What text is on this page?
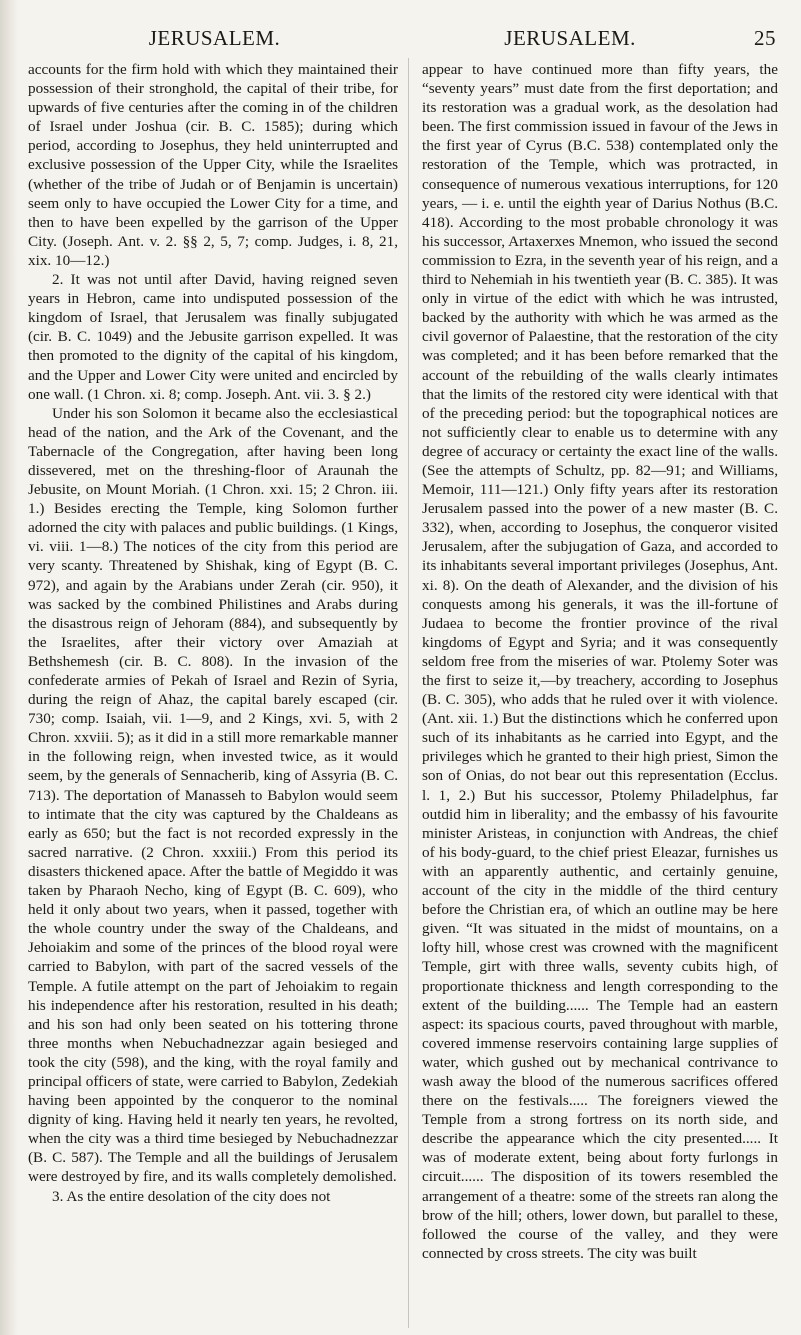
JERUSALEM.	JERUSALEM.	25

accounts for the firm hold with which they maintained their possession of their stronghold, the capital of their tribe, for upwards of five centuries after the coming in of the children of Israel under Joshua (cir. B. C. 1585); during which period, according to Josephus, they held uninterrupted and exclusive possession of the Upper City, while the Israelites (whether of the tribe of Judah or of Benjamin is uncertain) seem only to have occupied the Lower City for a time, and then to have been expelled by the garrison of the Upper City. (Joseph. Ant. v. 2. §§ 2, 5, 7; comp. Judges, i. 8, 21, xix. 10—12.)

2. It was not until after David, having reigned seven years in Hebron, came into undisputed possession of the kingdom of Israel, that Jerusalem was finally subjugated (cir. B. C. 1049) and the Jebusite garrison expelled. It was then promoted to the dignity of the capital of his kingdom, and the Upper and Lower City were united and encircled by one wall. (1 Chron. xi. 8; comp. Joseph. Ant. vii. 3. § 2.)

Under his son Solomon it became also the ecclesiastical head of the nation, and the Ark of the Covenant, and the Tabernacle of the Congregation, after having been long dissevered, met on the threshing-floor of Araunah the Jebusite, on Mount Moriah. (1 Chron. xxi. 15; 2 Chron. iii. 1.) Besides erecting the Temple, king Solomon further adorned the city with palaces and public buildings. (1 Kings, vi. viii. 1—8.) The notices of the city from this period are very scanty. Threatened by Shishak, king of Egypt (B. C. 972), and again by the Arabians under Zerah (cir. 950), it was sacked by the combined Philistines and Arabs during the disastrous reign of Jehoram (884), and subsequently by the Israelites, after their victory over Amaziah at Bethshemesh (cir. B. C. 808). In the invasion of the confederate armies of Pekah of Israel and Rezin of Syria, during the reign of Ahaz, the capital barely escaped (cir. 730; comp. Isaiah, vii. 1—9, and 2 Kings, xvi. 5, with 2 Chron. xxviii. 5); as it did in a still more remarkable manner in the following reign, when invested twice, as it would seem, by the generals of Sennacherib, king of Assyria (B. C. 713). The deportation of Manasseh to Babylon would seem to intimate that the city was captured by the Chaldeans as early as 650; but the fact is not recorded expressly in the sacred narrative. (2 Chron. xxxiii.) From this period its disasters thickened apace. After the battle of Megiddo it was taken by Pharaoh Necho, king of Egypt (B. C. 609), who held it only about two years, when it passed, together with the whole country under the sway of the Chaldeans, and Jehoiakim and some of the princes of the blood royal were carried to Babylon, with part of the sacred vessels of the Temple. A futile attempt on the part of Jehoiakim to regain his independence after his restoration, resulted in his death; and his son had only been seated on his tottering throne three months when Nebuchadnezzar again besieged and took the city (598), and the king, with the royal family and principal officers of state, were carried to Babylon, Zedekiah having been appointed by the conqueror to the nominal dignity of king. Having held it nearly ten years, he revolted, when the city was a third time besieged by Nebuchadnezzar (B. C. 587). The Temple and all the buildings of Jerusalem were destroyed by fire, and its walls completely demolished.

3. As the entire desolation of the city does not

appear to have continued more than fifty years, the “seventy years” must date from the first deportation; and its restoration was a gradual work, as the desolation had been. The first commission issued in favour of the Jews in the first year of Cyrus (B.C. 538) contemplated only the restoration of the Temple, which was protracted, in consequence of numerous vexatious interruptions, for 120 years, — i. e. until the eighth year of Darius Nothus (B.C. 418). According to the most probable chronology it was his successor, Artaxerxes Mnemon, who issued the second commission to Ezra, in the seventh year of his reign, and a third to Nehemiah in his twentieth year (B. C. 385). It was only in virtue of the edict with which he was intrusted, backed by the authority with which he was armed as the civil governor of Palaestine, that the restoration of the city was completed; and it has been before remarked that the account of the rebuilding of the walls clearly intimates that the limits of the restored city were identical with that of the preceding period: but the topographical notices are not sufficiently clear to enable us to determine with any degree of accuracy or certainty the exact line of the walls. (See the attempts of Schultz, pp. 82—91; and Williams, Memoir, 111—121.) Only fifty years after its restoration Jerusalem passed into the power of a new master (B. C. 332), when, according to Josephus, the conqueror visited Jerusalem, after the subjugation of Gaza, and accorded to its inhabitants several important privileges (Josephus, Ant. xi. 8). On the death of Alexander, and the division of his conquests among his generals, it was the ill-fortune of Judaea to become the frontier province of the rival kingdoms of Egypt and Syria; and it was consequently seldom free from the miseries of war. Ptolemy Soter was the first to seize it,—by treachery, according to Josephus (B. C. 305), who adds that he ruled over it with violence. (Ant. xii. 1.) But the distinctions which he conferred upon such of its inhabitants as he carried into Egypt, and the privileges which he granted to their high priest, Simon the son of Onias, do not bear out this representation (Ecclus. l. 1, 2.) But his successor, Ptolemy Philadelphus, far outdid him in liberality; and the embassy of his favourite minister Aristeas, in conjunction with Andreas, the chief of his body-guard, to the chief priest Eleazar, furnishes us with an apparently authentic, and certainly genuine, account of the city in the middle of the third century before the Christian era, of which an outline may be here given. “It was situated in the midst of mountains, on a lofty hill, whose crest was crowned with the magnificent Temple, girt with three walls, seventy cubits high, of proportionate thickness and length corresponding to the extent of the building...... The Temple had an eastern aspect: its spacious courts, paved throughout with marble, covered immense reservoirs containing large supplies of water, which gushed out by mechanical contrivance to wash away the blood of the numerous sacrifices offered there on the festivals..... The foreigners viewed the Temple from a strong fortress on its north side, and describe the appearance which the city presented..... It was of moderate extent, being about forty furlongs in circuit...... The disposition of its towers resembled the arrangement of a theatre: some of the streets ran along the brow of the hill; others, lower down, but parallel to these, followed the course of the valley, and they were connected by cross streets. The city was built
